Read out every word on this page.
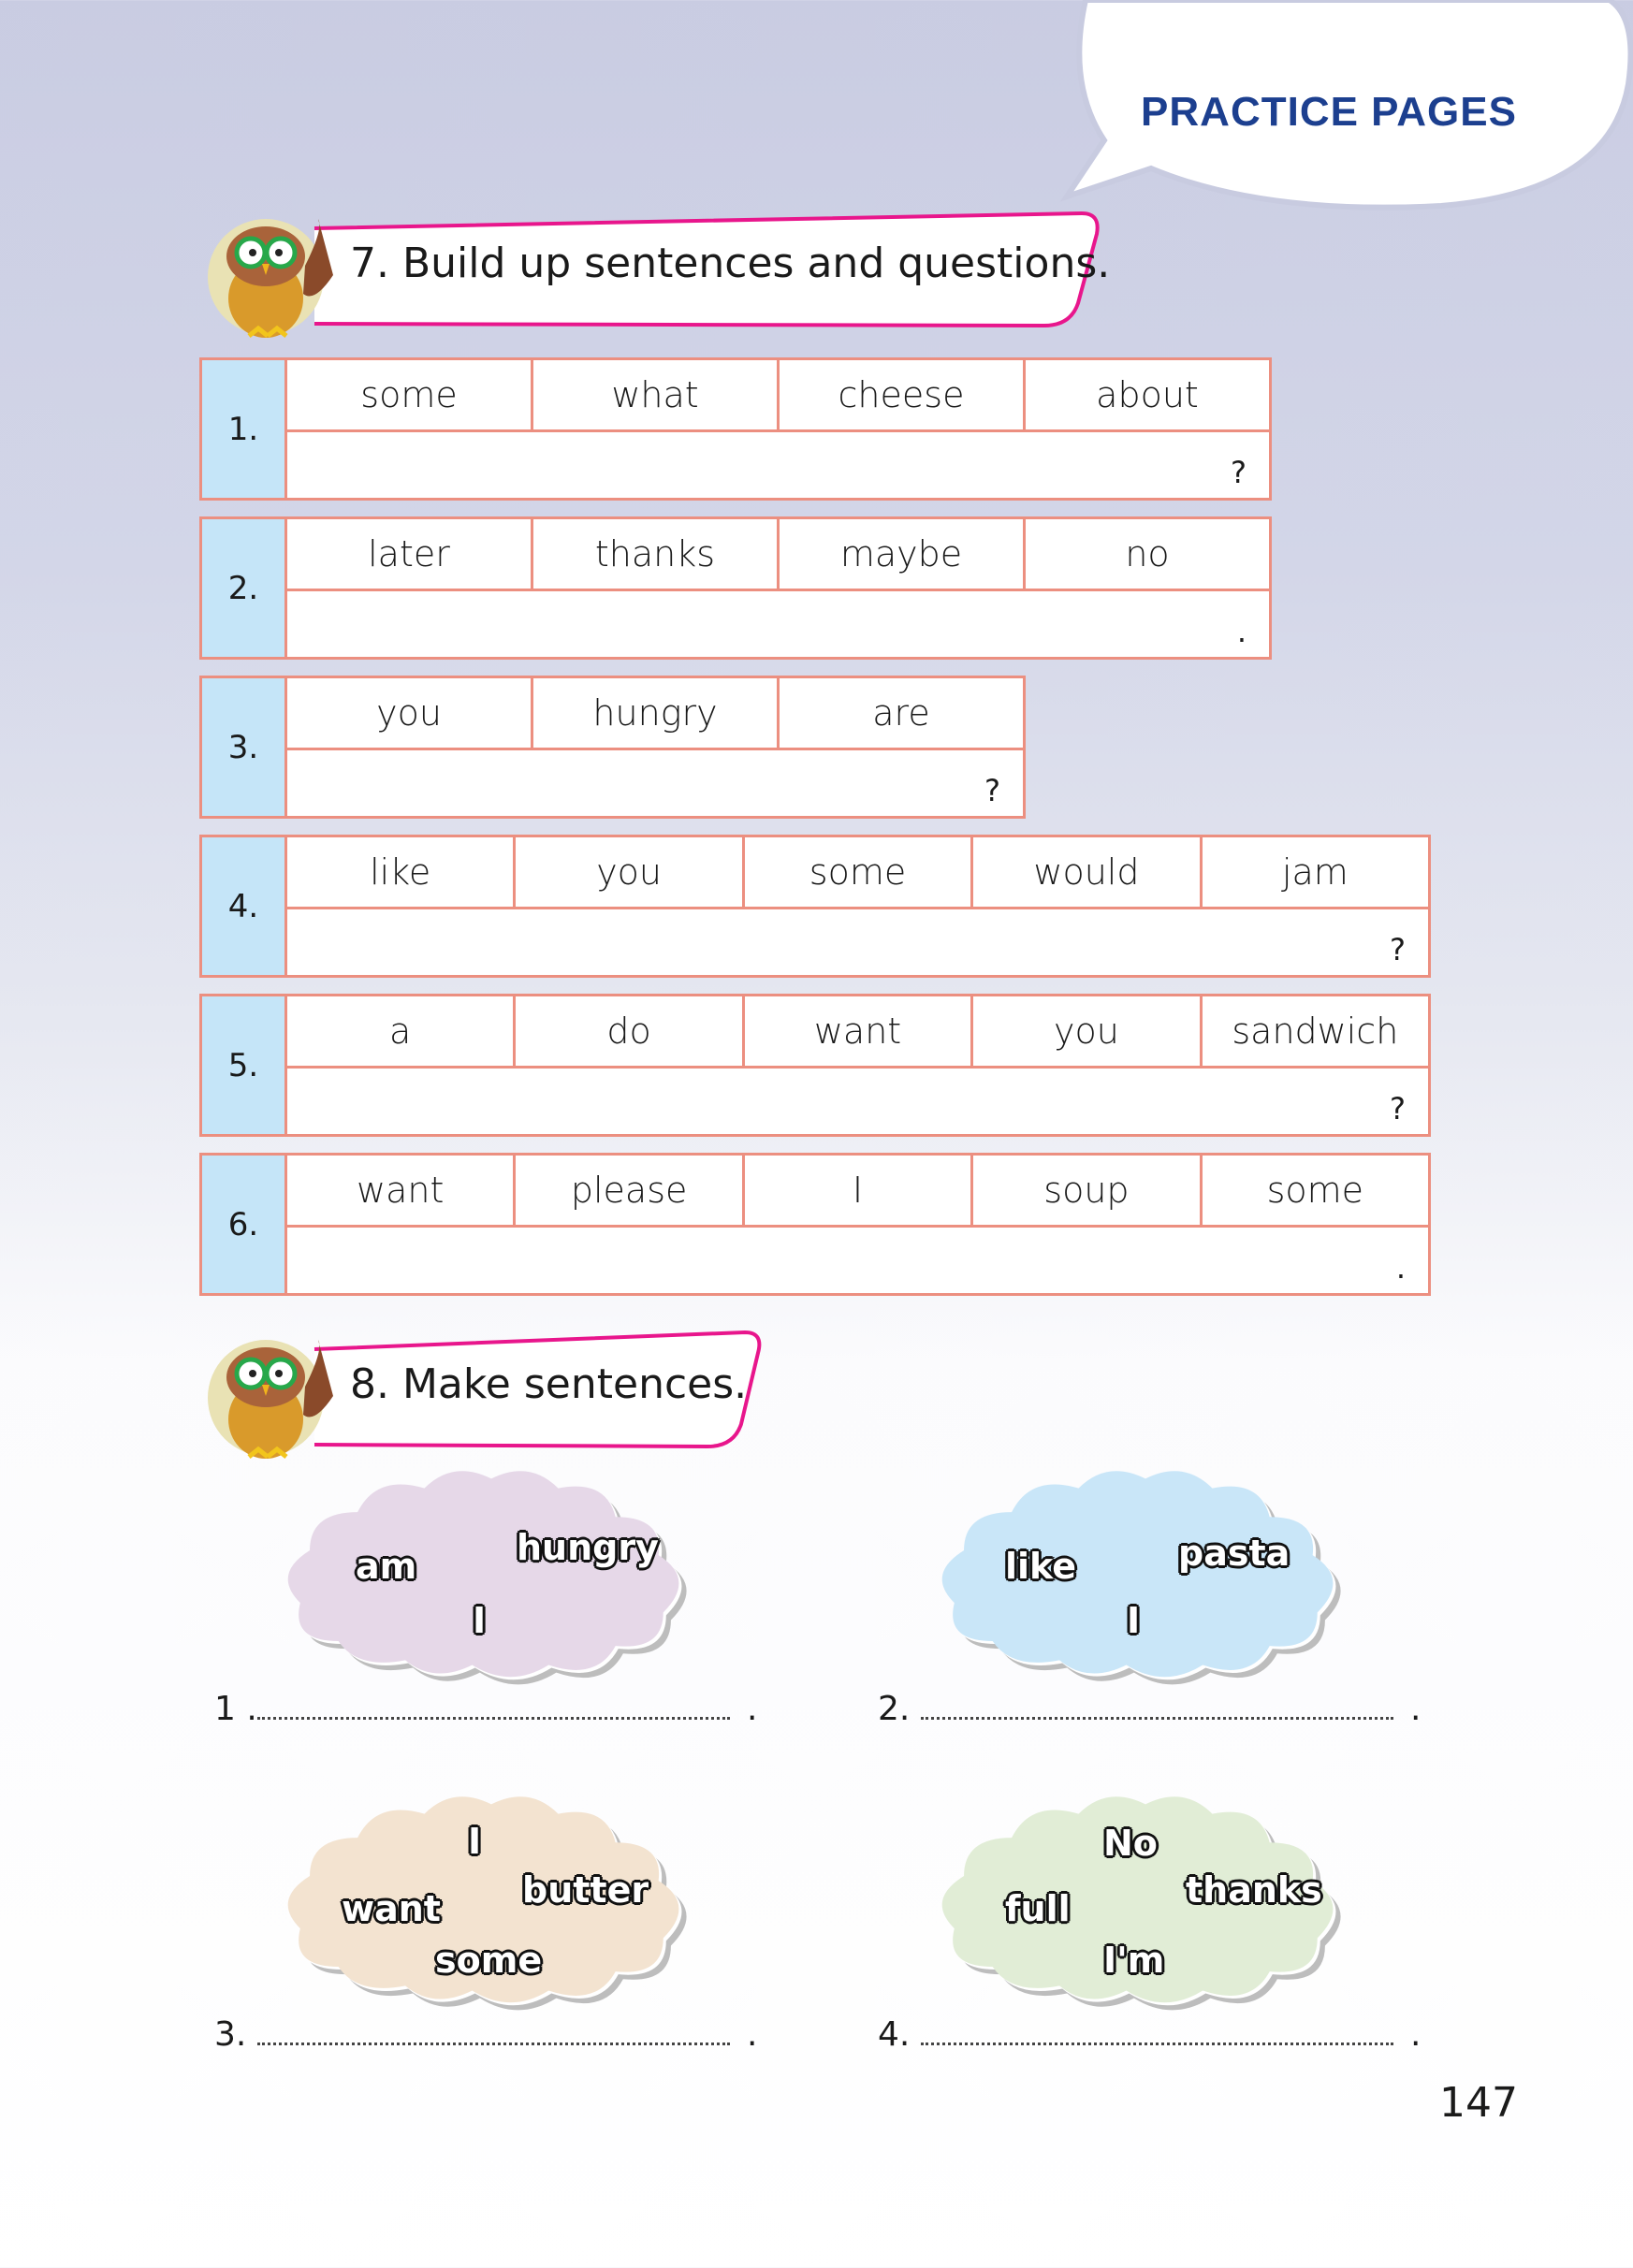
PRACTICE PAGES
7. Build up sentences and questions.
1.
some	what	cheese	about
?
2.
later	thanks	maybe	no
.
3.
you	hungry	are
?
4.
like	you	some	would	jam
?
5.
a	do	want	you	sandwich
?
6.
want	please	I	soup	some
.
8. Make sentences.
am	hungry
I
1 .	.
like	pasta
I
2.	.
want
I
butter
some
3.	.
full
No
thanks
I'm
4.	.
147
